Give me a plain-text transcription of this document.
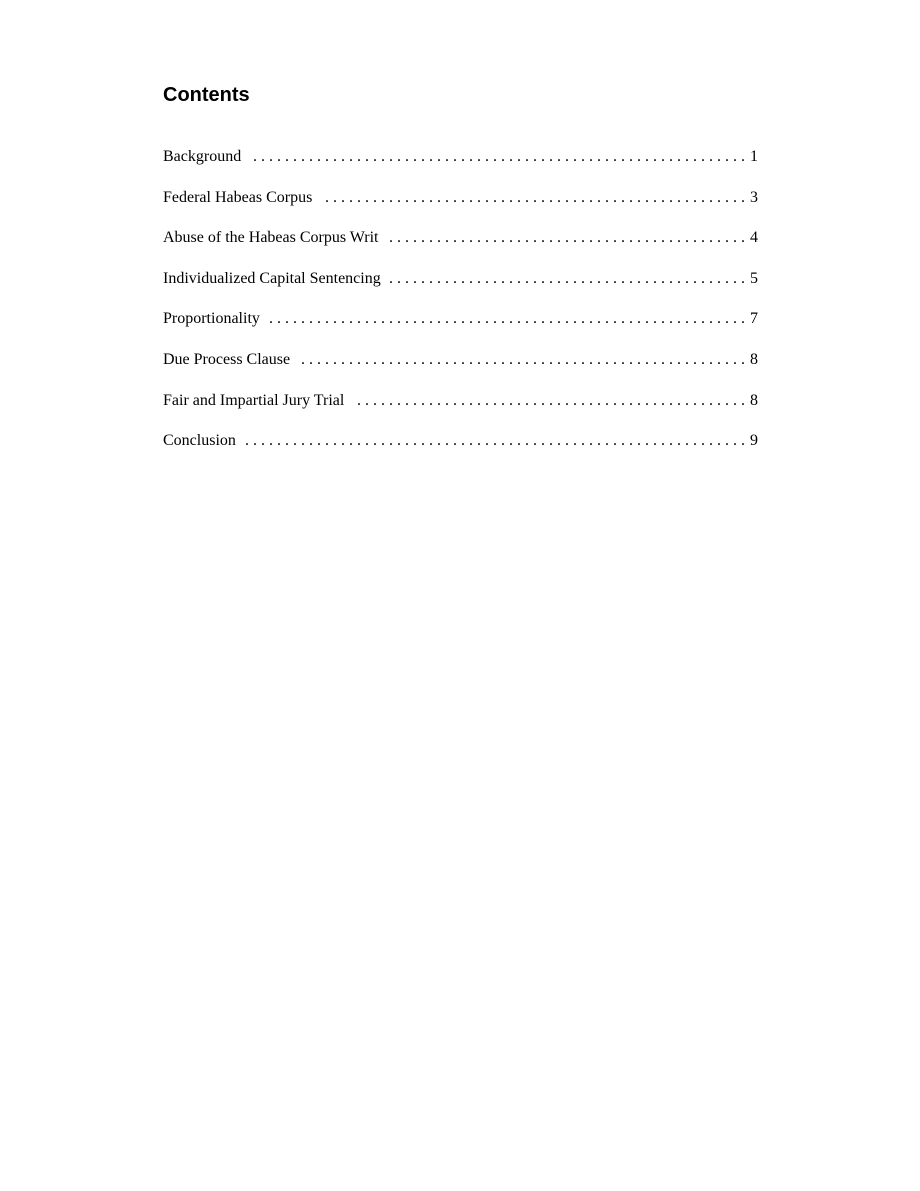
Contents
Background . . .	1
Federal Habeas Corpus . . .	3
Abuse of the Habeas Corpus Writ . . .	4
Individualized Capital Sentencing . . .	5
Proportionality . . .	7
Due Process Clause . . .	8
Fair and Impartial Jury Trial . . .	8
Conclusion . . .	9
